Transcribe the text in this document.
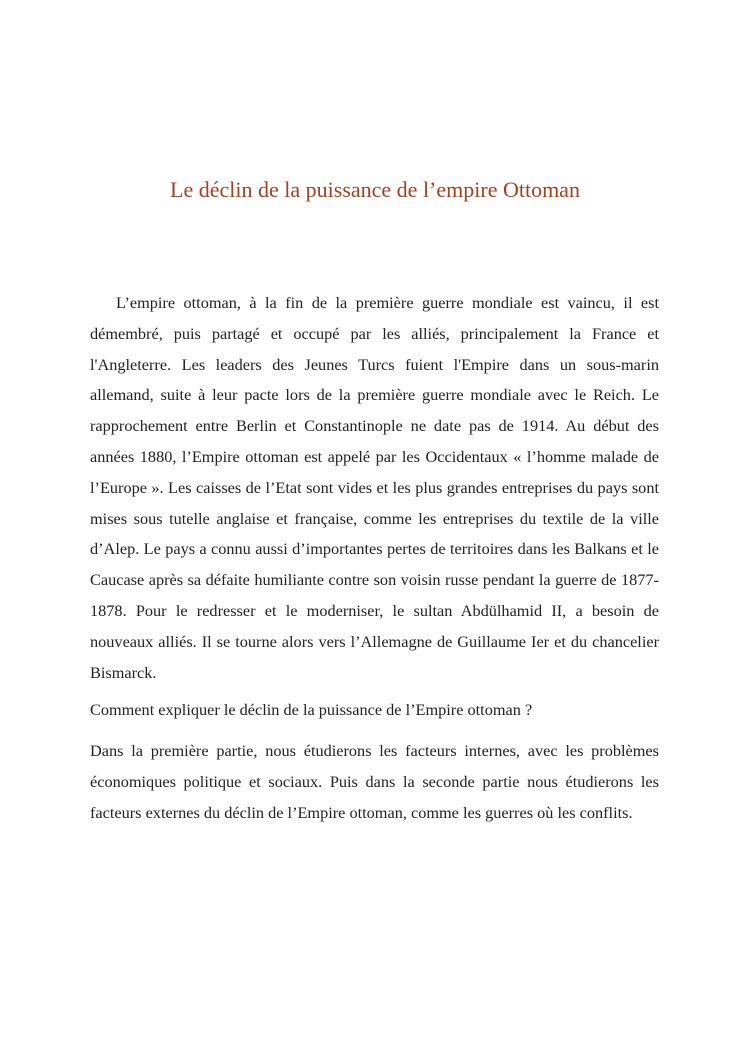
Le déclin de la puissance de l’empire Ottoman

L’empire ottoman, à la fin de la première guerre mondiale est vaincu, il est démembré, puis partagé et occupé par les alliés, principalement la France et l'Angleterre. Les leaders des Jeunes Turcs fuient l'Empire dans un sous-marin allemand, suite à leur pacte lors de la première guerre mondiale avec le Reich. Le rapprochement entre Berlin et Constantinople ne date pas de 1914. Au début des années 1880, l’Empire ottoman est appelé par les Occidentaux « l’homme malade de l’Europe ». Les caisses de l’Etat sont vides et les plus grandes entreprises du pays sont mises sous tutelle anglaise et française, comme les entreprises du textile de la ville d’Alep. Le pays a connu aussi d’importantes pertes de territoires dans les Balkans et le Caucase après sa défaite humiliante contre son voisin russe pendant la guerre de 1877-1878. Pour le redresser et le moderniser, le sultan Abdülhamid II, a besoin de nouveaux alliés. Il se tourne alors vers l’Allemagne de Guillaume Ier et du chancelier Bismarck.

Comment expliquer le déclin de la puissance de l’Empire ottoman ?

Dans la première partie, nous étudierons les facteurs internes, avec les problèmes économiques politique et sociaux. Puis dans la seconde partie nous étudierons les facteurs externes du déclin de l’Empire ottoman, comme les guerres où les conflits.
